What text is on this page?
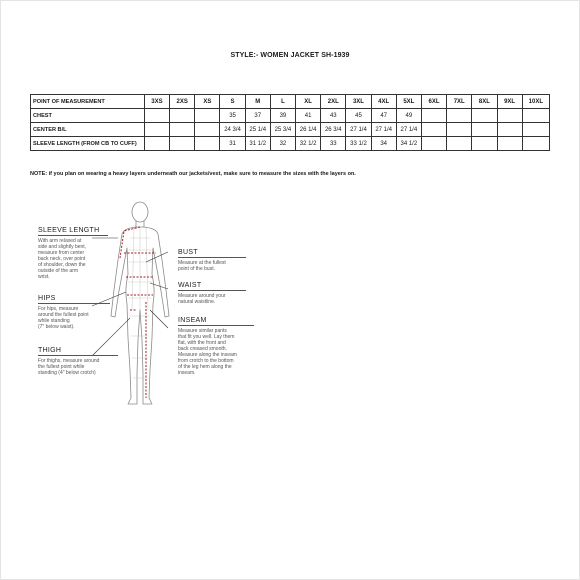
STYLE:- WOMEN JACKET SH-1939
POINT OF MEASUREMENT	3XS	2XS	XS	S	M	L	XL	2XL	3XL	4XL	5XL	6XL	7XL	8XL	9XL	10XL
CHEST				35	37	39	41	43	45	47	49					
CENTER B/L				24 3/4	25 1/4	25 3/4	26 1/4	26 3/4	27 1/4	27 1/4	27 1/4					
SLEEVE LENGTH (FROM CB TO CUFF)				31	31 1/2	32	32 1/2	33	33 1/2	34	34 1/2					
NOTE: if you plan on wearing a heavy layers underneath our jackets/vest, make sure to measure the sizes with the layers on.
SLEEVE LENGTH
With arm relaxed at
side and slightly bent,
measure from center
back neck, over point
of shoulder, down the
outside of the arm
wrist.
HIPS
For hips, measure
around the fullest point
while standing
(7" below waist).
THIGH
For thighs, measure around
the fullest point while
standing (4" below crotch)
BUST
Measure at the fullest
point of the bust.
WAIST
Measure around your
natural waistline.
INSEAM
Measure similar pants
that fit you well. Lay them
flat, with the front and
back creased smooth.
Measure along the inseam
from crotch to the bottom
of the leg hem along the
inseam.
